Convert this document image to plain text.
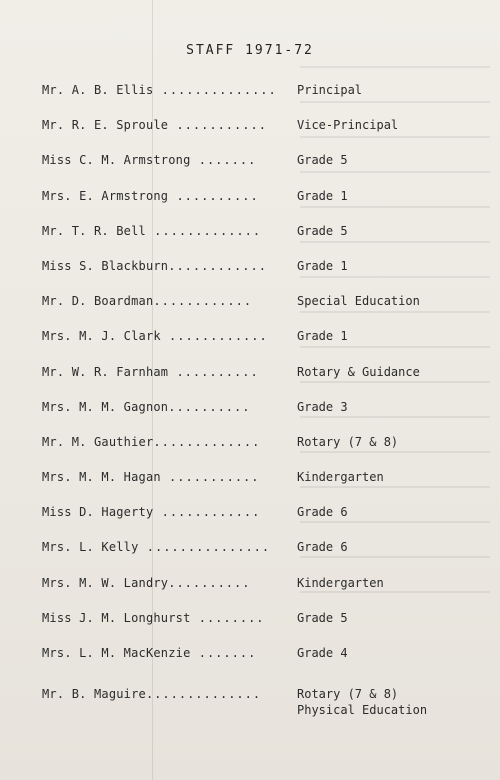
STAFF 1971-72
Mr. A. B. Ellis ..............	Principal
Mr. R. E. Sproule ...........	Vice-Principal
Miss C. M. Armstrong .......	Grade 5
Mrs. E. Armstrong ..........	Grade 1
Mr. T. R. Bell .............	Grade 5
Miss S. Blackburn............	Grade 1
Mr. D. Boardman............	Special Education
Mrs. M. J. Clark ............	Grade 1
Mr. W. R. Farnham ..........	Rotary & Guidance
Mrs. M. M. Gagnon..........	Grade 3
Mr. M. Gauthier.............	Rotary (7 & 8)
Mrs. M. M. Hagan ...........	Kindergarten
Miss D. Hagerty ............	Grade 6
Mrs. L. Kelly ...............	Grade 6
Mrs. M. W. Landry..........	Kindergarten
Miss J. M. Longhurst ........	Grade 5
Mrs. L. M. MacKenzie .......	Grade 4
Mr. B. Maguire..............	Rotary (7 & 8)
Physical Education
